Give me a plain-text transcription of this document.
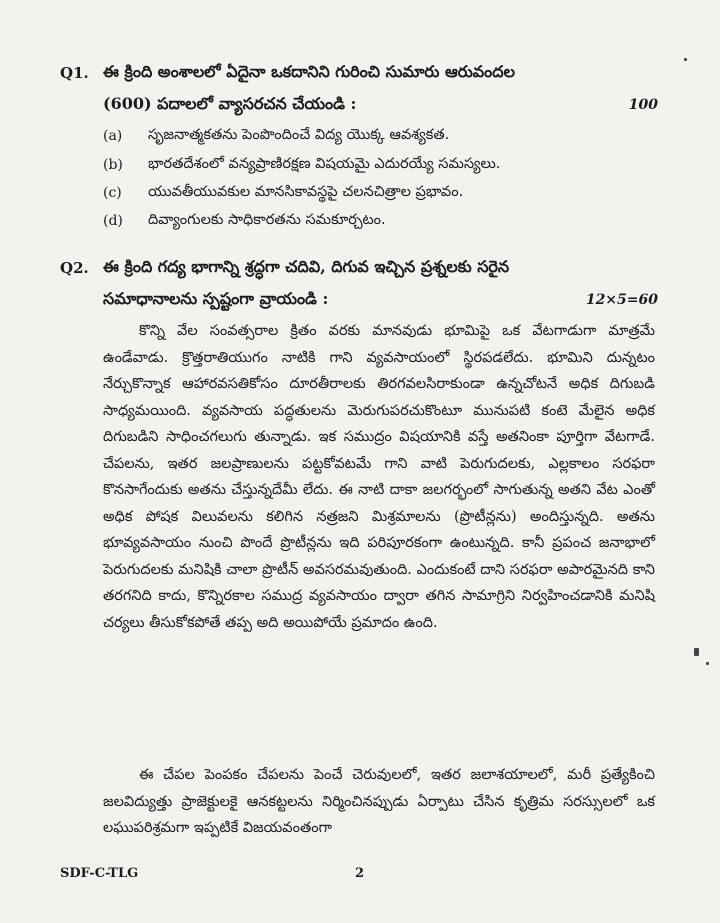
Q1. ఈ క్రింది అంశాలలో ఏదైనా ఒకదానిని గురించి సుమారు ఆరువందల
(600) పదాలలో వ్యాసరచన చేయండి :	100
(a) సృజనాత్మకతను పెంపొందించే విద్య యొక్క ఆవశ్యకత.
(b) భారతదేశంలో వన్యప్రాణిరక్షణ విషయమై ఎదురయ్యే సమస్యలు.
(c) యువతీయువకుల మానసికావస్థపై చలనచిత్రాల ప్రభావం.
(d) దివ్యాంగులకు సాధికారతను సమకూర్చటం.
Q2. ఈ క్రింది గద్య భాగాన్ని శ్రద్ధగా చదివి, దిగువ ఇచ్చిన ప్రశ్నలకు సరైన
సమాధానాలను స్పష్టంగా వ్రాయండి :	12×5=60

కొన్ని వేల సంవత్సరాల క్రితం వరకు మానవుడు భూమిపై ఒక వేటగాడుగా మాత్రమే ఉండేవాడు. క్రొత్తరాతియుగం నాటికి గాని వ్యవసాయంలో స్థిరపడలేదు. భూమిని దున్నటం నేర్చుకొన్నాక ఆహారవసతికోసం దూరతీరాలకు తిరగవలసిరాకుండా ఉన్నచోటనే అధిక దిగుబడి సాధ్యమయింది. వ్యవసాయ పద్ధతులను మెరుగుపరచుకొంటూ మునుపటి కంటె మేలైన అధిక దిగుబడిని సాధించగలుగు తున్నాడు. ఇక సముద్రం విషయానికి వస్తే అతనింకా పూర్తిగా వేటగాడే. చేపలను, ఇతర జలప్రాణులను పట్టకోవటమే గాని వాటి పెరుగుదలకు, ఎల్లకాలం సరఫరా కొనసాగేందుకు అతను చేస్తున్నదేమీ లేదు. ఈ నాటి దాకా జలగర్భంలో సాగుతున్న అతని వేట ఎంతో అధిక పోషక విలువలను కలిగిన నత్రజని మిశ్రమాలను (ప్రొటీన్లను) అందిస్తున్నది. అతను భూవ్యవసాయం నుంచి పొందే ప్రొటీన్లను ఇది పరిపూరకంగా ఉంటున్నది. కానీ ప్రపంచ జనాభాలో పెరుగుదలకు మనిషికి చాలా ప్రొటీన్ అవసరమవుతుంది. ఎందుకంటే దాని సరఫరా అపారమైనది కాని తరగనిది కాదు, కొన్నిరకాల సముద్ర వ్యవసాయం ద్వారా తగిన సామాగ్రిని నిర్వహించడానికి మనిషి చర్యలు తీసుకోకపోతే తప్ప అది అయిపోయే ప్రమాదం ఉంది.

ఈ చేపల పెంపకం చేపలను పెంచే చెరువులలో, ఇతర జలాశయాలలో, మరీ ప్రత్యేకించి జలవిద్యుత్తు ప్రాజెక్టులకై ఆనకట్టలను నిర్మించినప్పుడు ఏర్పాటు చేసిన కృత్రిమ సరస్సులలో ఒక లఘుపరిశ్రమగా ఇప్పటికే విజయవంతంగా

SDF-C-TLG	2
